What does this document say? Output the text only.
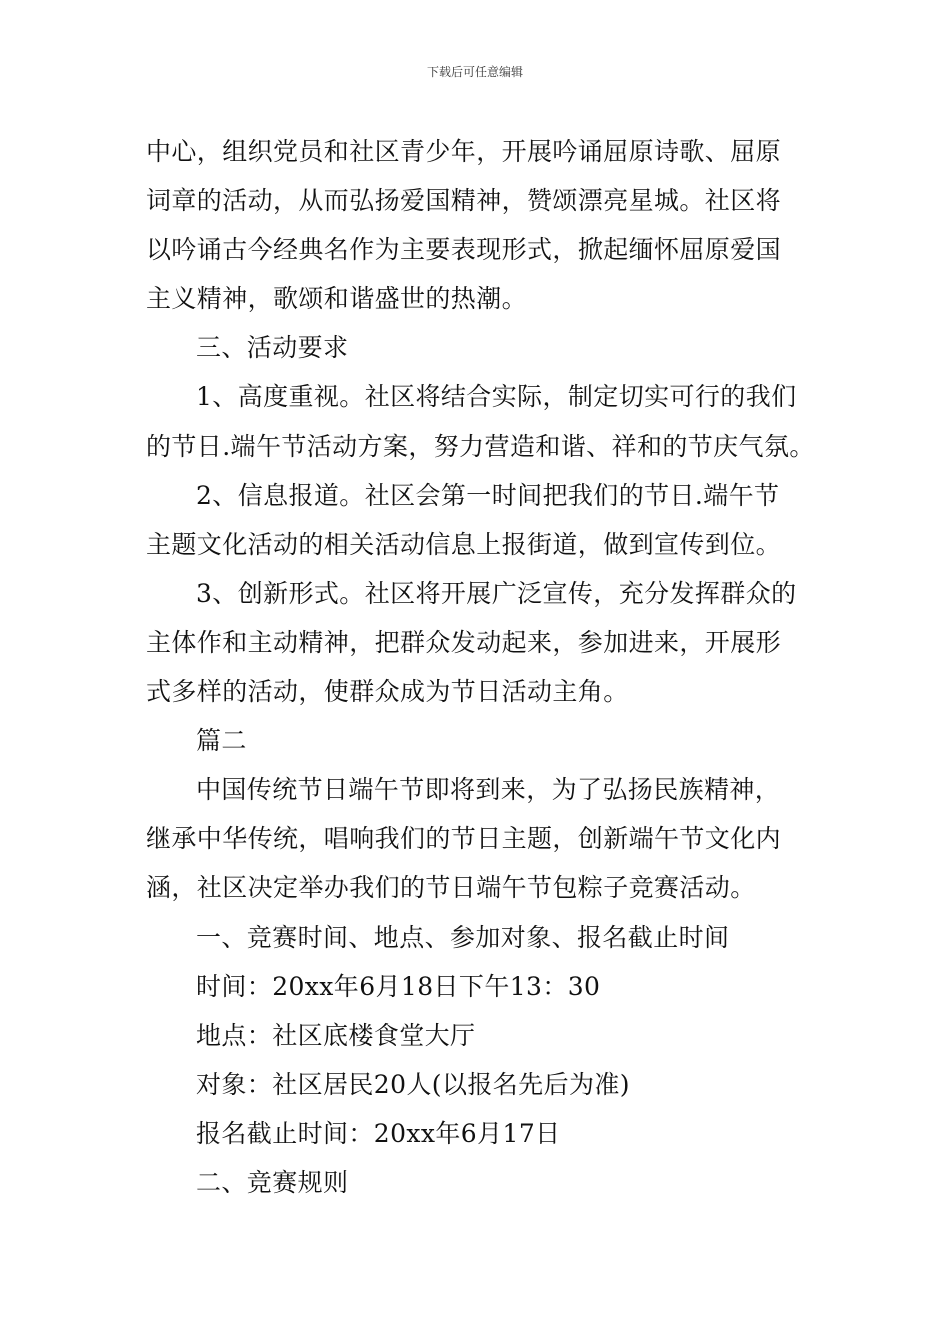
下载后可任意编辑

中心，组织党员和社区青少年，开展吟诵屈原诗歌、屈原

词章的活动，从而弘扬爱国精神，赞颂漂亮星城。社区将

以吟诵古今经典名作为主要表现形式，掀起缅怀屈原爱国

主义精神，歌颂和谐盛世的热潮。

三、活动要求

1、高度重视。社区将结合实际，制定切实可行的我们

的节日.端午节活动方案，努力营造和谐、祥和的节庆气氛。

2、信息报道。社区会第一时间把我们的节日.端午节

主题文化活动的相关活动信息上报街道，做到宣传到位。

3、创新形式。社区将开展广泛宣传，充分发挥群众的

主体作和主动精神，把群众发动起来，参加进来，开展形

式多样的活动，使群众成为节日活动主角。

篇二

中国传统节日端午节即将到来，为了弘扬民族精神，

继承中华传统，唱响我们的节日主题，创新端午节文化内

涵，社区决定举办我们的节日端午节包粽子竞赛活动。

一、竞赛时间、地点、参加对象、报名截止时间

时间：20xx年6月18日下午13：30

地点：社区底楼食堂大厅

对象：社区居民20人(以报名先后为准)

报名截止时间：20xx年6月17日

二、竞赛规则
